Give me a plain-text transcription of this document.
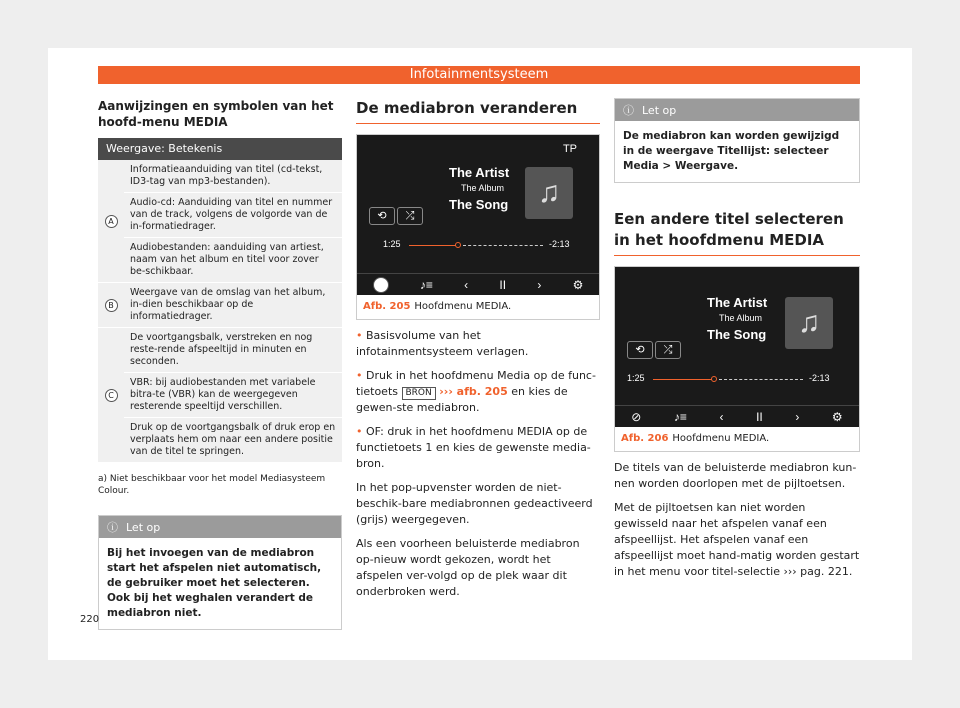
Infotainmentsysteem
Aanwijzingen en symbolen van het hoofd-menu MEDIA
Weergave: Betekenis	
A	Informatieaanduiding van titel (cd-tekst, ID3-tag van mp3-bestanden).
	Audio-cd: Aanduiding van titel en nummer van de track, volgens de volgorde van de in-formatiedrager.
	Audiobestanden: aanduiding van artiest, naam van het album en titel voor zover be-schikbaar.
B	Weergave van de omslag van het album, in-dien beschikbaar op de informatiedrager.
C	De voortgangsbalk, verstreken en nog reste-rende afspeeltijd in minuten en seconden.
	VBR: bij audiobestanden met variabele bitra-te (VBR) kan de weergegeven resterende speeltijd verschillen.
	Druk op de voortgangsbalk of druk erop en verplaats hem om naar een andere positie van de titel te springen.
a) Niet beschikbaar voor het model Mediasysteem Colour.
ⓘ Let op
Bij het invoegen van de mediabron start het afspelen niet automatisch, de gebruiker moet het selecteren. Ook bij het weghalen verandert de mediabron niet.
De mediabron veranderen
TP
The Artist
The Album
The Song ♫
⟲	⤮
1:25	-2:13
1	♪≡	‹	II	›	⚙
Afb. 205 Hoofdmenu MEDIA.

• Basisvolume van het infotainmentsysteem verlagen.

• Druk in het hoofdmenu Media op de func-tietoets BRON ››› afb. 205 en kies de gewen-ste mediabron.

• OF: druk in het hoofdmenu MEDIA op de functietoets 1 en kies de gewenste media-bron.

In het pop-upvenster worden de niet-beschik-bare mediabronnen gedeactiveerd (grijs) weergegeven.

Als een voorheen beluisterde mediabron op-nieuw wordt gekozen, wordt het afspelen ver-volgd op de plek waar dit onderbroken werd.

ⓘ Let op
De mediabron kan worden gewijzigd in de weergave Titellijst: selecteer Media > Weergave.
Een andere titel selecteren in het hoofdmenu MEDIA
The Artist
The Album
The Song	♫
⟲	⤮
1:25	-2:13
⊘	♪≡	‹	II	›	⚙
Afb. 206 Hoofdmenu MEDIA.

De titels van de beluisterde mediabron kun-nen worden doorlopen met de pijltoetsen.

Met de pijltoetsen kan niet worden gewisseld naar het afspelen vanaf een afspeellijst. Het afspelen vanaf een afspeellijst moet hand-matig worden gestart in het menu voor titel-selectie ››› pag. 221.

220
